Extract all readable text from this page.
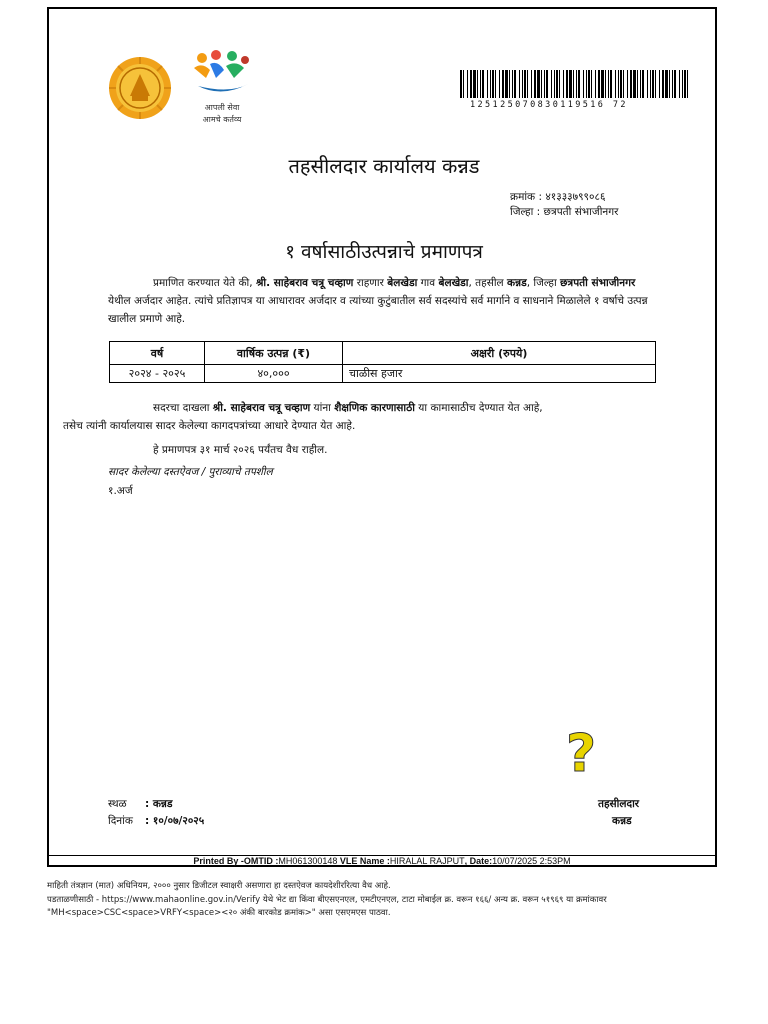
आपली सेवा
आमचे कर्तव्य
125125070830119516 72
तहसीलदार कार्यालय कन्नड
क्रमांक : ४१३३३७९९०८६
जिल्हा : छत्रपती संभाजीनगर
१ वर्षासाठीउत्पन्नाचे प्रमाणपत्र
प्रमाणित करण्यात येते की, श्री. साहेबराव चत्रू चव्हाण राहणार बेलखेडा गाव बेलखेडा, तहसील कन्नड, जिल्हा छत्रपती संभाजीनगर येथील अर्जदार आहेत. त्यांचे प्रतिज्ञापत्र या आधारावर अर्जदार व त्यांच्या कुटुंबातील सर्व सदस्यांचे सर्व मार्गाने व साधनाने मिळालेले १ वर्षाचे उत्पन्न खालील प्रमाणे आहे.
वर्ष	वार्षिक उत्पन्न (₹)	अक्षरी (रुपये)
२०२४ - २०२५	४०,०००	चाळीस हजार
सदरचा दाखला श्री. साहेबराव चत्रू चव्हाण यांना शैक्षणिक कारणासाठी या कामासाठीच देण्यात येत आहे,
तसेच त्यांनी कार्यालयास सादर केलेल्या कागदपत्रांच्या आधारे देण्यात येत आहे.
हे प्रमाणपत्र ३१ मार्च २०२६ पर्यंतच वैध राहील.
सादर केलेल्या दस्तऐवज / पुराव्याचे तपशील
१.अर्ज
?
स्थळ : कन्नड
दिनांक : १०/०७/२०२५
तहसीलदार
कन्नड
Printed By -OMTID :MH061300148 VLE Name :HIRALAL RAJPUT, Date:10/07/2025 2:53PM
माहिती तंत्रज्ञान (मात) अधिनियम, २००० नुसार डिजीटल स्वाक्षरी असणारा हा दस्तऐवज कायदेशीररित्या वैध आहे.
पडताळणीसाठी - https://www.mahaonline.gov.in/Verify येथे भेट द्या किंवा बीएसएनएल, एमटीएनएल, टाटा मोबाईल क्र. वरून १६६/ अन्य क्र. वरून ५१९६९ या क्रमांकावर
"MH<space>CSC<space>VRFY<space><२० अंकी बारकोड क्रमांक>" असा एसएमएस पाठवा.
